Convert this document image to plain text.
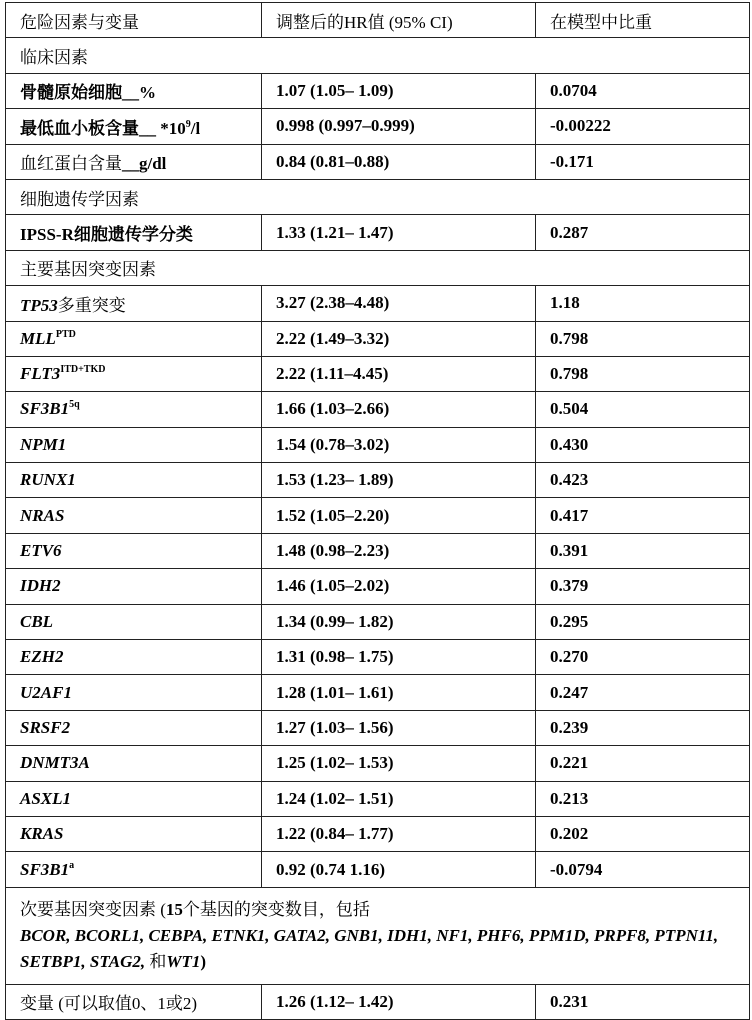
危险因素与变量	调整后的HR值 (95% CI)	在模型中比重
临床因素		
骨髓原始细胞__%	1.07 (1.05– 1.09)	0.0704
最低血小板含量__ $*10^9/l$	0.998 (0.997–0.999)	-0.00222
血红蛋白含量__g/dl	0.84 (0.81–0.88)	-0.171
细胞遗传学因素		
IPSS-R细胞遗传学分类	1.33 (1.21– 1.47)	0.287
主要基因突变因素		
TP53多重突变	3.27 (2.38–4.48)	1.18
$MLL^{PTD}$	2.22 (1.49–3.32)	0.798
$FLT3^{ITD+TKD}$	2.22 (1.11–4.45)	0.798
$SF3B1^{5q}$	1.66 (1.03–2.66)	0.504
NPM1	1.54 (0.78–3.02)	0.430
RUNX1	1.53 (1.23– 1.89)	0.423
NRAS	1.52 (1.05–2.20)	0.417
ETV6	1.48 (0.98–2.23)	0.391
IDH2	1.46 (1.05–2.02)	0.379
CBL	1.34 (0.99– 1.82)	0.295
EZH2	1.31 (0.98– 1.75)	0.270
U2AF1	1.28 (1.01– 1.61)	0.247
SRSF2	1.27 (1.03– 1.56)	0.239
DNMT3A	1.25 (1.02– 1.53)	0.221
ASXL1	1.24 (1.02– 1.51)	0.213
KRAS	1.22 (0.84– 1.77)	0.202
SF3B1$^a$	0.92 (0.74 1.16)	-0.0794
次要基因突变因素 (15个基因的突变数目，包括
BCOR, BCORL1, CEBPA, ETNK1, GATA2, GNB1, IDH1, NF1, PHF6, PPM1D, PRPF8, PTPN11, SETBP1, STAG2, 和WT1)		
变量 (可以取值0、1或2)	1.26 (1.12– 1.42)	0.231
